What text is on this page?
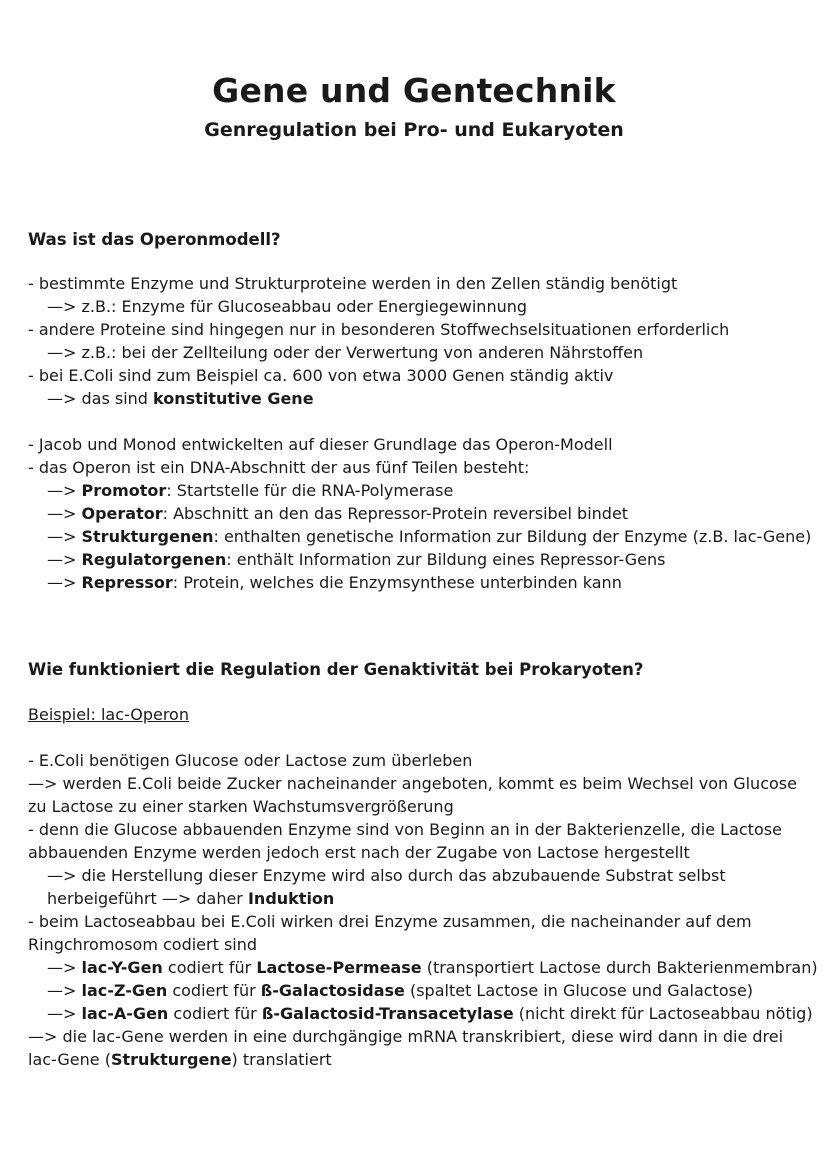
Gene und Gentechnik
Genregulation bei Pro- und Eukaryoten

Was ist das Operonmodell?

- bestimmte Enzyme und Strukturproteine werden in den Zellen ständig benötigt

—> z.B.: Enzyme für Glucoseabbau oder Energiegewinnung

- andere Proteine sind hingegen nur in besonderen Stoffwechselsituationen erforderlich

—> z.B.: bei der Zellteilung oder der Verwertung von anderen Nährstoffen

- bei E.Coli sind zum Beispiel ca. 600 von etwa 3000 Genen ständig aktiv

—> das sind konstitutive Gene

- Jacob und Monod entwickelten auf dieser Grundlage das Operon-Modell

- das Operon ist ein DNA-Abschnitt der aus fünf Teilen besteht:

—> Promotor: Startstelle für die RNA-Polymerase

—> Operator: Abschnitt an den das Repressor-Protein reversibel bindet

—> Strukturgenen: enthalten genetische Information zur Bildung der Enzyme (z.B. lac-Gene)

—> Regulatorgenen: enthält Information zur Bildung eines Repressor-Gens

—> Repressor: Protein, welches die Enzymsynthese unterbinden kann

Wie funktioniert die Regulation der Genaktivität bei Prokaryoten?

Beispiel: lac-Operon

- E.Coli benötigen Glucose oder Lactose zum überleben

—> werden E.Coli beide Zucker nacheinander angeboten, kommt es beim Wechsel von Glucose

zu Lactose zu einer starken Wachstumsvergrößerung

- denn die Glucose abbauenden Enzyme sind von Beginn an in der Bakterienzelle, die Lactose

abbauenden Enzyme werden jedoch erst nach der Zugabe von Lactose hergestellt

—> die Herstellung dieser Enzyme wird also durch das abzubauende Substrat selbst

herbeigeführt —> daher Induktion

- beim Lactoseabbau bei E.Coli wirken drei Enzyme zusammen, die nacheinander auf dem

Ringchromosom codiert sind

—> lac-Y-Gen codiert für Lactose-Permease (transportiert Lactose durch Bakterienmembran)

—> lac-Z-Gen codiert für ß-Galactosidase (spaltet Lactose in Glucose und Galactose)

—> lac-A-Gen codiert für ß-Galactosid-Transacetylase (nicht direkt für Lactoseabbau nötig)

—> die lac-Gene werden in eine durchgängige mRNA transkribiert, diese wird dann in die drei

lac-Gene (Strukturgene) translatiert
